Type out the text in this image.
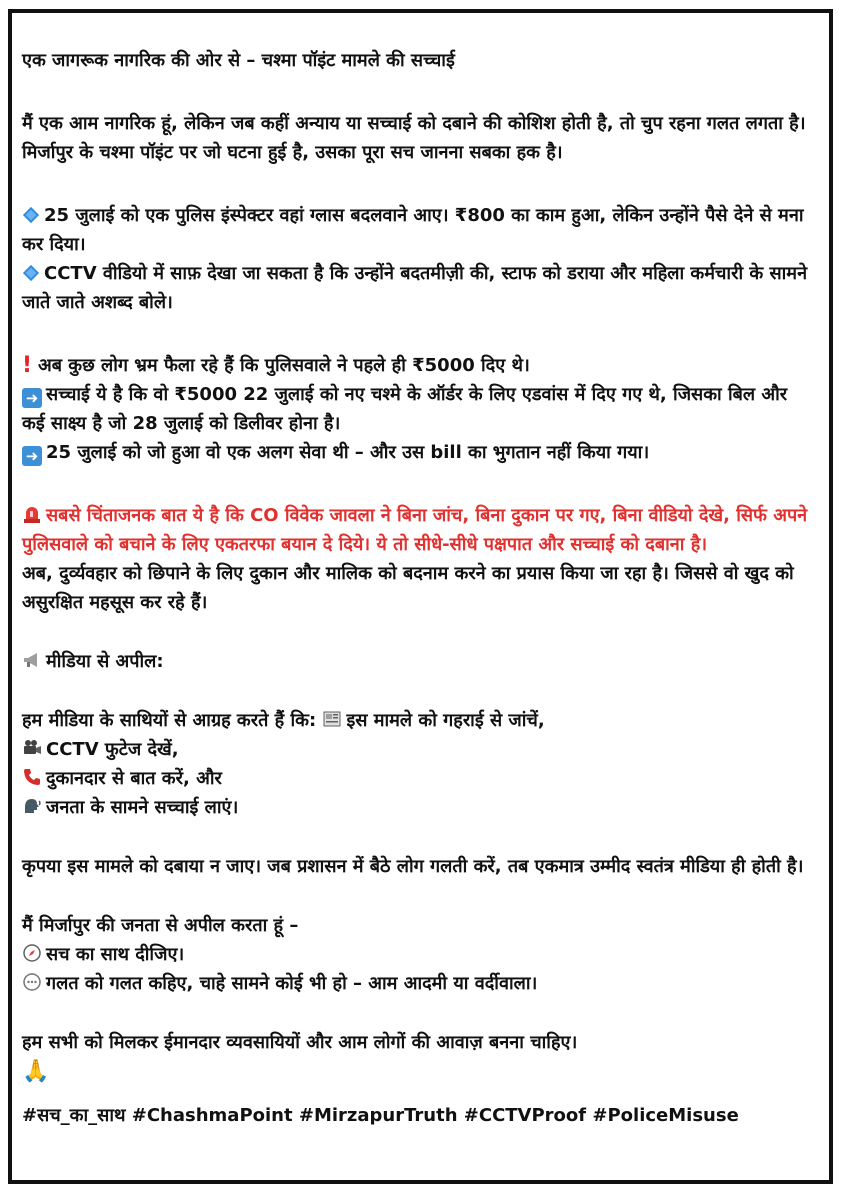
एक जागरूक नागरिक की ओर से – चश्मा पॉइंट मामले की सच्चाई

मैं एक आम नागरिक हूं, लेकिन जब कहीं अन्याय या सच्चाई को दबाने की कोशिश होती है, तो चुप रहना गलत लगता है। मिर्जापुर के चश्मा पॉइंट पर जो घटना हुई है, उसका पूरा सच जानना सबका हक है।

25 जुलाई को एक पुलिस इंस्पेक्टर वहां ग्लास बदलवाने आए। ₹800 का काम हुआ, लेकिन उन्होंने पैसे देने से मना कर दिया।

CCTV वीडियो में साफ़ देखा जा सकता है कि उन्होंने बदतमीज़ी की, स्टाफ को डराया और महिला कर्मचारी के सामने जाते जाते अशब्द बोले।

! अब कुछ लोग भ्रम फैला रहे हैं कि पुलिसवाले ने पहले ही ₹5000 दिए थे।

➜ सच्चाई ये है कि वो ₹5000 22 जुलाई को नए चश्मे के ऑर्डर के लिए एडवांस में दिए गए थे, जिसका बिल और कई साक्ष्य है जो 28 जुलाई को डिलीवर होना है।

➜ 25 जुलाई को जो हुआ वो एक अलग सेवा थी – और उस bill का भुगतान नहीं किया गया।

सबसे चिंताजनक बात ये है कि CO विवेक जावला ने बिना जांच, बिना दुकान पर गए, बिना वीडियो देखे, सिर्फ अपने पुलिसवाले को बचाने के लिए एकतरफा बयान दे दिये। ये तो सीधे-सीधे पक्षपात और सच्चाई को दबाना है।

अब, दुर्व्यवहार को छिपाने के लिए दुकान और मालिक को बदनाम करने का प्रयास किया जा रहा है। जिससे वो खुद को असुरक्षित महसूस कर रहे हैं।

मीडिया से अपील:

हम मीडिया के साथियों से आग्रह करते हैं कि: इस मामले को गहराई से जांचें,

CCTV फुटेज देखें,

दुकानदार से बात करें, और

जनता के सामने सच्चाई लाएं।

कृपया इस मामले को दबाया न जाए। जब प्रशासन में बैठे लोग गलती करें, तब एकमात्र उम्मीद स्वतंत्र मीडिया ही होती है।

मैं मिर्जापुर की जनता से अपील करता हूं –

सच का साथ दीजिए।

गलत को गलत कहिए, चाहे सामने कोई भी हो – आम आदमी या वर्दीवाला।

हम सभी को मिलकर ईमानदार व्यवसायियों और आम लोगों की आवाज़ बनना चाहिए।

🙏

#सच_का_साथ #ChashmaPoint #MirzapurTruth #CCTVProof #PoliceMisuse
